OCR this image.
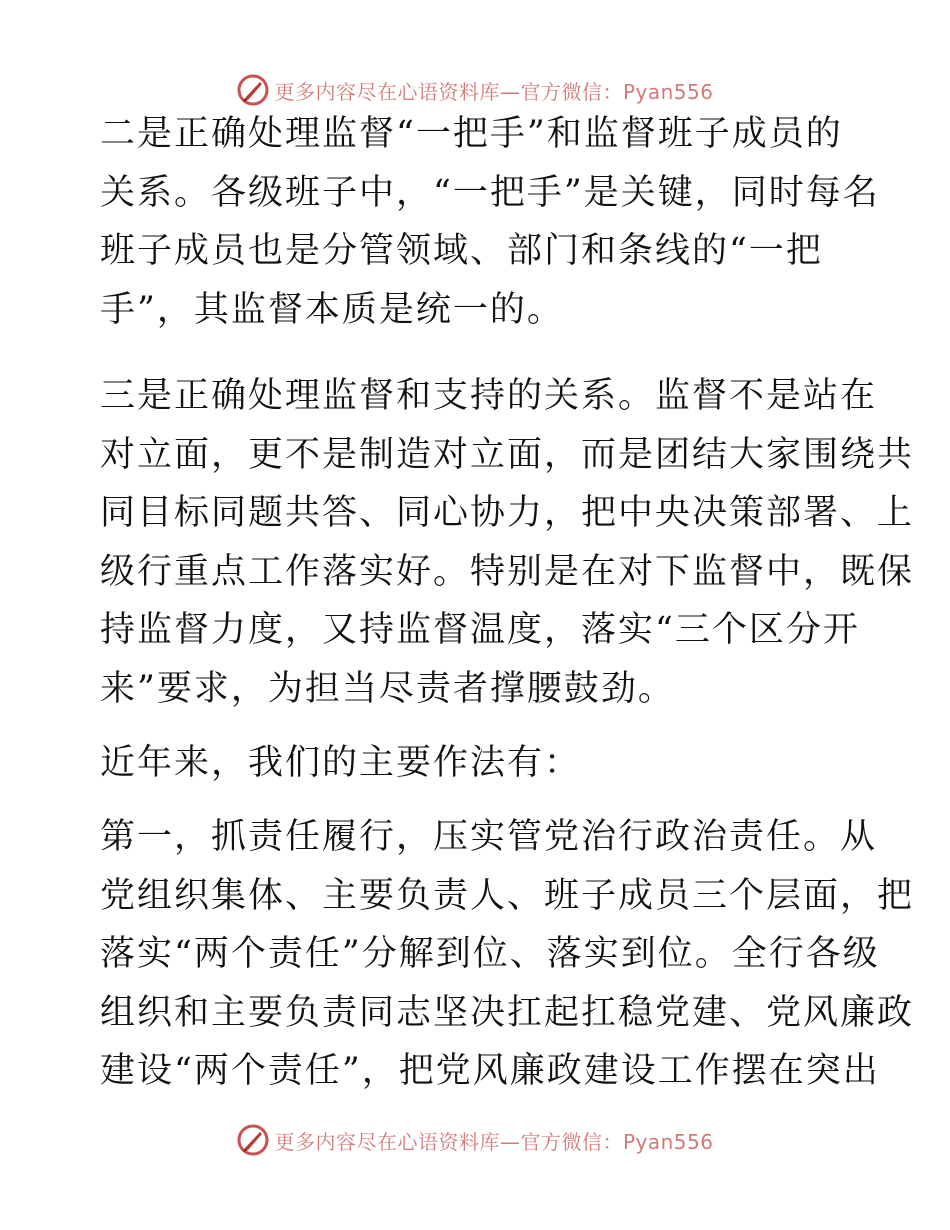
更多内容尽在心语资料库—官方微信：Pyan556
二是正确处理监督“一把手”和监督班子成员的
关系。各级班子中，“一把手”是关键，同时每名
班子成员也是分管领域、部门和条线的“一把
手”，其监督本质是统一的。
三是正确处理监督和支持的关系。监督不是站在
对立面，更不是制造对立面，而是团结大家围绕共
同目标同题共答、同心协力，把中央决策部署、上
级行重点工作落实好。特别是在对下监督中，既保
持监督力度，又持监督温度，落实“三个区分开
来”要求，为担当尽责者撑腰鼓劲。
近年来，我们的主要作法有：
第一，抓责任履行，压实管党治行政治责任。从
党组织集体、主要负责人、班子成员三个层面，把
落实“两个责任”分解到位、落实到位。全行各级
组织和主要负责同志坚决扛起扛稳党建、党风廉政
建设“两个责任”，把党风廉政建设工作摆在突出
更多内容尽在心语资料库—官方微信：Pyan556
